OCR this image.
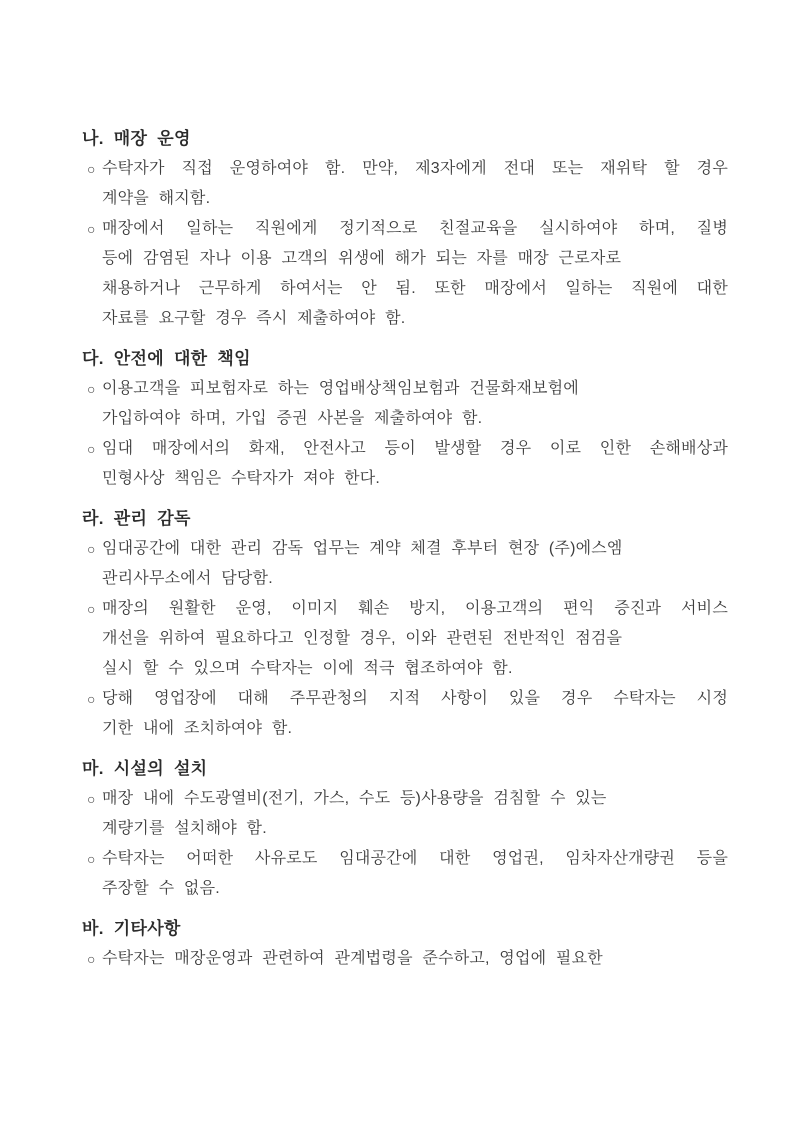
나. 매장 운영
○ 수탁자가 직접 운영하여야 함. 만약, 제3자에게 전대 또는 재위탁 할 경우
계약을 해지함.
○ 매장에서 일하는 직원에게 정기적으로 친절교육을 실시하여야 하며, 질병
등에 감염된 자나 이용 고객의 위생에 해가 되는 자를 매장 근로자로
채용하거나 근무하게 하여서는 안 됨. 또한 매장에서 일하는 직원에 대한
자료를 요구할 경우 즉시 제출하여야 함.
다. 안전에 대한 책임
○ 이용고객을 피보험자로 하는 영업배상책임보험과 건물화재보험에
가입하여야 하며, 가입 증권 사본을 제출하여야 함.
○ 임대 매장에서의 화재, 안전사고 등이 발생할 경우 이로 인한 손해배상과
민형사상 책임은 수탁자가 져야 한다.
라. 관리 감독
○ 임대공간에 대한 관리 감독 업무는 계약 체결 후부터 현장 (주)에스엠
관리사무소에서 담당함.
○ 매장의 원활한 운영, 이미지 훼손 방지, 이용고객의 편익 증진과 서비스
개선을 위하여 필요하다고 인정할 경우, 이와 관련된 전반적인 점검을
실시 할 수 있으며 수탁자는 이에 적극 협조하여야 함.
○ 당해 영업장에 대해 주무관청의 지적 사항이 있을 경우 수탁자는 시정
기한 내에 조치하여야 함.
마. 시설의 설치
○ 매장 내에 수도광열비(전기, 가스, 수도 등)사용량을 검침할 수 있는
계량기를 설치해야 함.
○ 수탁자는 어떠한 사유로도 임대공간에 대한 영업권, 임차자산개량권 등을
주장할 수 없음.
바. 기타사항
○ 수탁자는 매장운영과 관련하여 관계법령을 준수하고, 영업에 필요한
